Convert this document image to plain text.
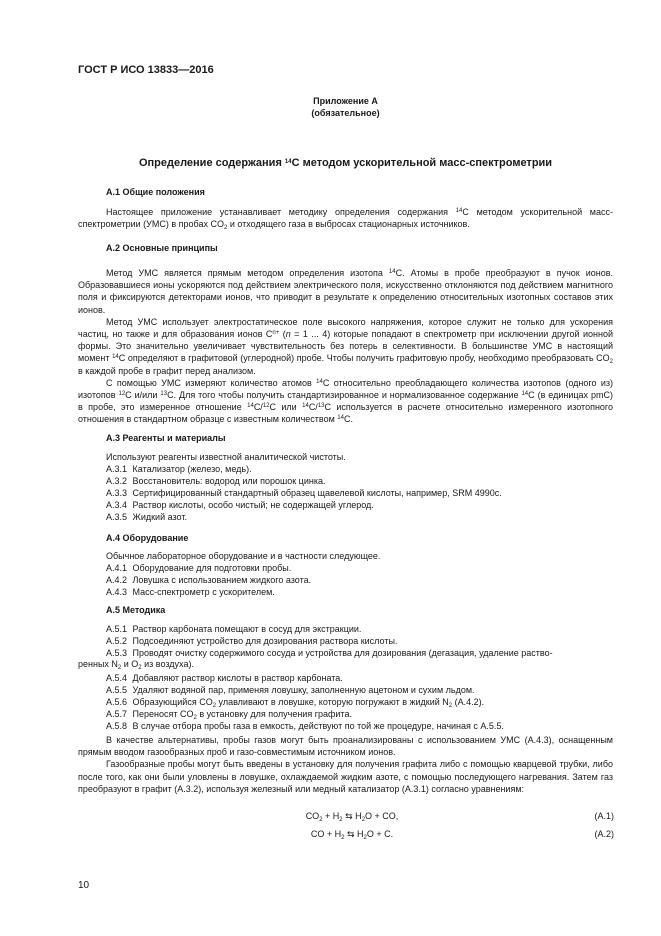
ГОСТ Р ИСО 13833—2016
Приложение А
(обязательное)
Определение содержания $^{14}$C методом ускорительной масс-спектрометрии
А.1 Общие положения

Настоящее приложение устанавливает методику определения содержания $^{14}$C методом ускорительной масс-спектрометрии (УМС) в пробах $CO_2$ и отходящего газа в выбросах стационарных источников.

А.2 Основные принципы

Метод УМС является прямым методом определения изотопа $^{14}$C. Атомы в пробе преобразуют в пучок ионов. Образовавшиеся ионы ускоряются под действием электрического поля, искусственно отклоняются под действием магнитного поля и фиксируются детекторами ионов, что приводит в результате к определению относительных изотопных составов этих ионов.

Метод УМС использует электростатическое поле высокого напряжения, которое служит не только для ускорения частиц, но также и для образования ионов $C^{n+}$ (n = 1 ... 4) которые попадают в спектрометр при исключении другой ионной формы. Это значительно увеличивает чувствительность без потерь в селективности. В большинстве УМС в настоящий момент $^{14}$C определяют в графитовой (углеродной) пробе. Чтобы получить графитовую пробу, необходимо преобразовать $CO_2$ в каждой пробе в графит перед анализом.

С помощью УМС измеряют количество атомов $^{14}$C относительно преобладающего количества изотопов (одного из) изотопов $^{12}$C и/или $^{13}$C. Для того чтобы получить стандартизированное и нормализованное содержание $^{14}$C (в единицах pmC) в пробе, это измеренное отношение $^{14}$C/$^{12}$C или $^{14}$C/$^{13}$C используется в расчете относительно измеренного изотопного отношения в стандартном образце с известным количеством $^{14}$C.

А.3 Реагенты и материалы
Используют реагенты известной аналитической чистоты.
А.3.1 Катализатор (железо, медь).
А.3.2 Восстановитель: водород или порошок цинка.
А.3.3 Сертифицированный стандартный образец щавелевой кислоты, например, SRM 4990c.
А.3.4 Раствор кислоты, особо чистый; не содержащей углерод.
А.3.5 Жидкий азот.
А.4 Оборудование
Обычное лабораторное оборудование и в частности следующее.
А.4.1 Оборудование для подготовки пробы.
А.4.2 Ловушка с использованием жидкого азота.
А.4.3 Масс-спектрометр с ускорителем.
А.5 Методика
А.5.1 Раствор карбоната помещают в сосуд для экстракции.
А.5.2 Подсоединяют устройство для дозирования раствора кислоты.
А.5.3 Проводят очистку содержимого сосуда и устройства для дозирования (дегазация, удаление раство-
ренных $N_2$ и $O_2$ из воздуха).
А.5.4 Добавляют раствор кислоты в раствор карбоната.
А.5.5 Удаляют водяной пар, применяя ловушку, заполненную ацетоном и сухим льдом.
А.5.6 Образующийся $CO_2$ улавливают в ловушке, которую погружают в жидкий $N_2$ (А.4.2).
А.5.7 Переносят $CO_2$ в установку для получения графита.
А.5.8 В случае отбора пробы газа в емкость, действуют по той же процедуре, начиная с А.5.5.

В качестве альтернативы, пробы газов могут быть проанализированы с использованием УМС (А.4.3), оснащенным прямым вводом газообразных проб и газо-совместимым источником ионов.

Газообразные пробы могут быть введены в установку для получения графита либо с помощью кварцевой трубки, либо после того, как они были уловлены в ловушке, охлаждаемой жидким азоте, с помощью последующего нагревания. Затем газ преобразуют в графит (А.3.2), используя железный или медный катализатор (А.3.1) согласно уравнениям:

$CO_2 + H_2$ ⇆ $H_2O$ + CO,	(A.1)
CO + $H_2$ ⇆ $H_2O + C$.	(A.2)
10
